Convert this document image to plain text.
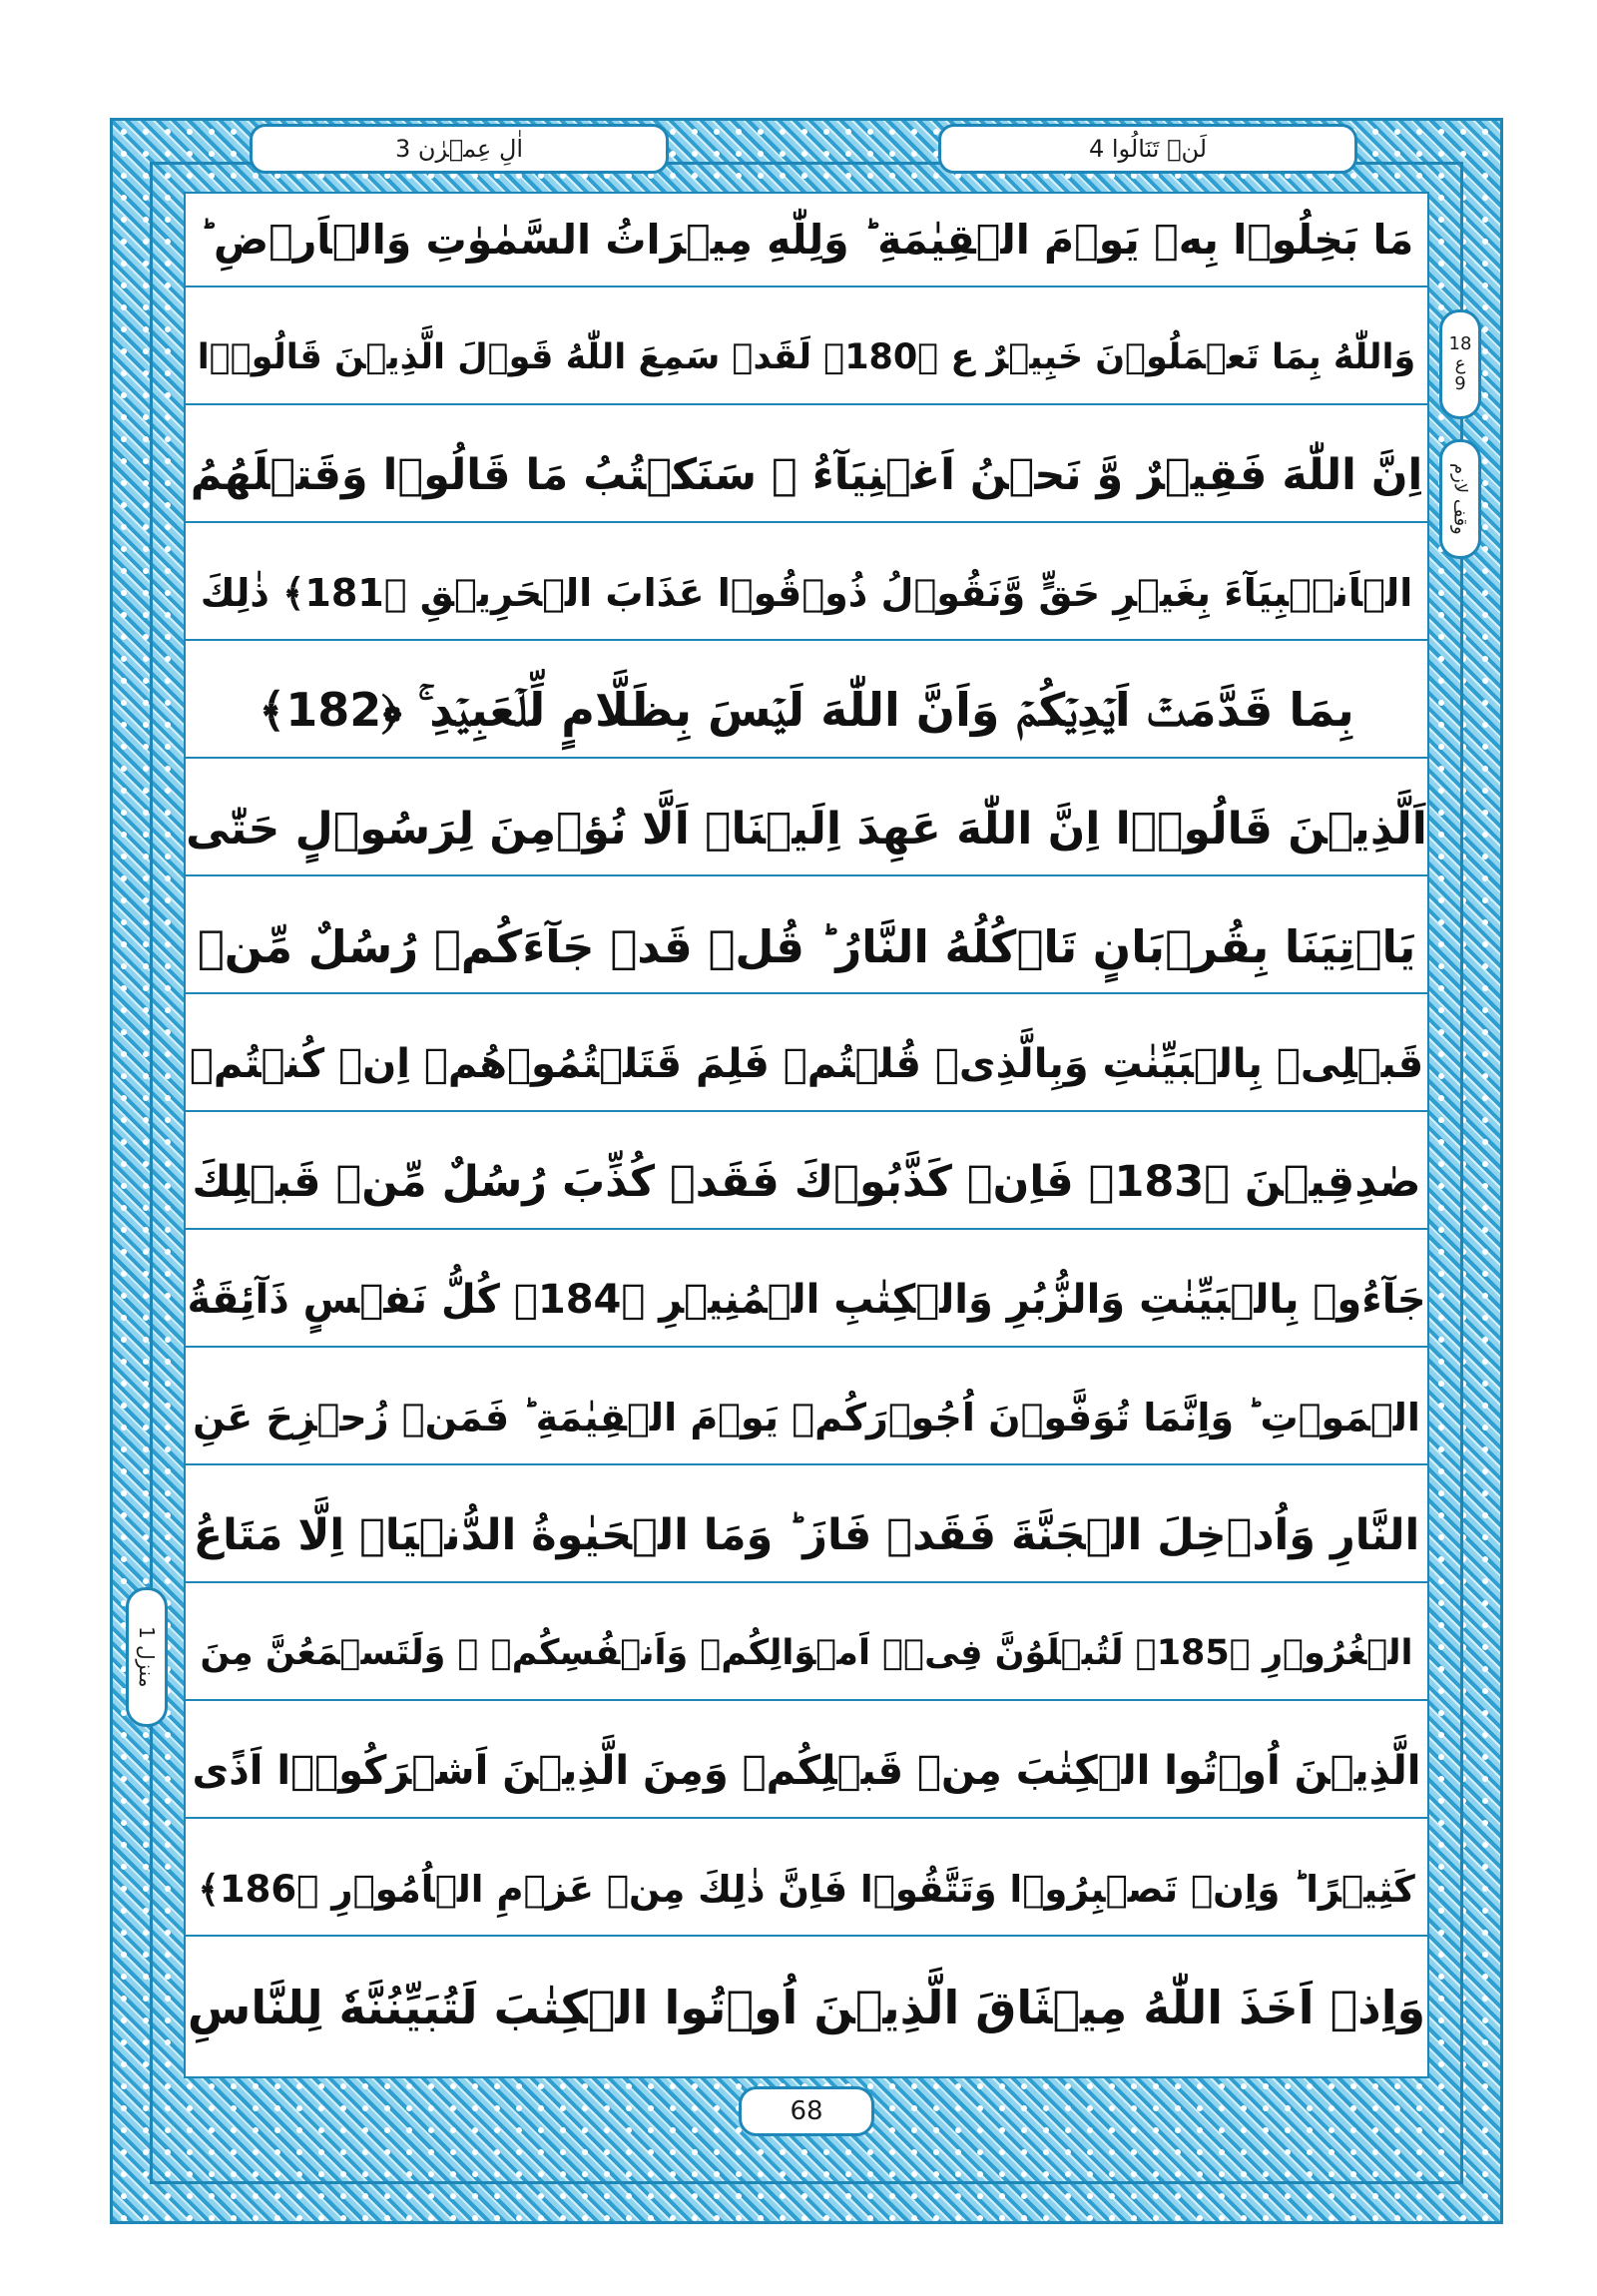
اٰلِ عِمۡرٰن 3	لَنۡ تَنَالُوا 4
18
ع
9
وقف لازم
منزل 1
مَا بَخِلُوۡا بِهٖ يَوۡمَ الۡقِيٰمَةِ ؕ وَلِلّٰهِ مِيۡرَاثُ السَّمٰوٰتِ وَالۡاَرۡضِ ؕ
وَاللّٰهُ بِمَا تَعۡمَلُوۡنَ خَبِيۡرٌ ع ﴿180﴾ لَقَدۡ سَمِعَ اللّٰهُ قَوۡلَ الَّذِيۡنَ قَالُوۡۤا
اِنَّ اللّٰهَ فَقِيۡرٌ وَّ نَحۡنُ اَغۡنِيَآءُ ۘ سَنَكۡتُبُ مَا قَالُوۡا وَقَتۡلَهُمُ
الۡاَنۡۢبِيَآءَ بِغَيۡرِ حَقٍّ وَّنَقُوۡلُ ذُوۡقُوۡا عَذَابَ الۡحَرِيۡقِ ﴿181﴾ ذٰلِكَ
بِمَا قَدَّمَتۡ اَيۡدِيۡكُمۡ وَاَنَّ اللّٰهَ لَيۡسَ بِظَلَّامٍ لِّلۡعَبِيۡدِ ۚ ﴿182﴾
اَلَّذِيۡنَ قَالُوۡۤا اِنَّ اللّٰهَ عَهِدَ اِلَيۡنَاۤ اَلَّا نُؤۡمِنَ لِرَسُوۡلٍ حَتّٰى
يَاۡتِيَنَا بِقُرۡبَانٍ تَاۡكُلُهُ النَّارُ ؕ قُلۡ قَدۡ جَآءَكُمۡ رُسُلٌ مِّنۡ
قَبۡلِىۡ بِالۡبَيِّنٰتِ وَبِالَّذِىۡ قُلۡتُمۡ فَلِمَ قَتَلۡتُمُوۡهُمۡ اِنۡ كُنۡتُمۡ
صٰدِقِيۡنَ ﴿183﴾ فَاِنۡ كَذَّبُوۡكَ فَقَدۡ كُذِّبَ رُسُلٌ مِّنۡ قَبۡلِكَ
جَآءُوۡ بِالۡبَيِّنٰتِ وَالزُّبُرِ وَالۡكِتٰبِ الۡمُنِيۡرِ ﴿184﴾ كُلُّ نَفۡسٍ ذَآئِقَةُ
الۡمَوۡتِ ؕ وَاِنَّمَا تُوَفَّوۡنَ اُجُوۡرَكُمۡ يَوۡمَ الۡقِيٰمَةِ ؕ فَمَنۡ زُحۡزِحَ عَنِ
النَّارِ وَاُدۡخِلَ الۡجَنَّةَ فَقَدۡ فَازَ ؕ وَمَا الۡحَيٰوةُ الدُّنۡيَاۤ اِلَّا مَتَاعُ
الۡغُرُوۡرِ ﴿185﴾ لَتُبۡلَوُنَّ فِىۡۤ اَمۡوَالِكُمۡ وَاَنۡفُسِكُمۡ ۖ وَلَتَسۡمَعُنَّ مِنَ
الَّذِيۡنَ اُوۡتُوا الۡكِتٰبَ مِنۡ قَبۡلِكُمۡ وَمِنَ الَّذِيۡنَ اَشۡرَكُوۡۤا اَذًى
كَثِيۡرًا ؕ وَاِنۡ تَصۡبِرُوۡا وَتَتَّقُوۡا فَاِنَّ ذٰلِكَ مِنۡ عَزۡمِ الۡاُمُوۡرِ ﴿186﴾
وَاِذۡ اَخَذَ اللّٰهُ مِيۡثَاقَ الَّذِيۡنَ اُوۡتُوا الۡكِتٰبَ لَتُبَيِّنُنَّهٗ لِلنَّاسِ
68
